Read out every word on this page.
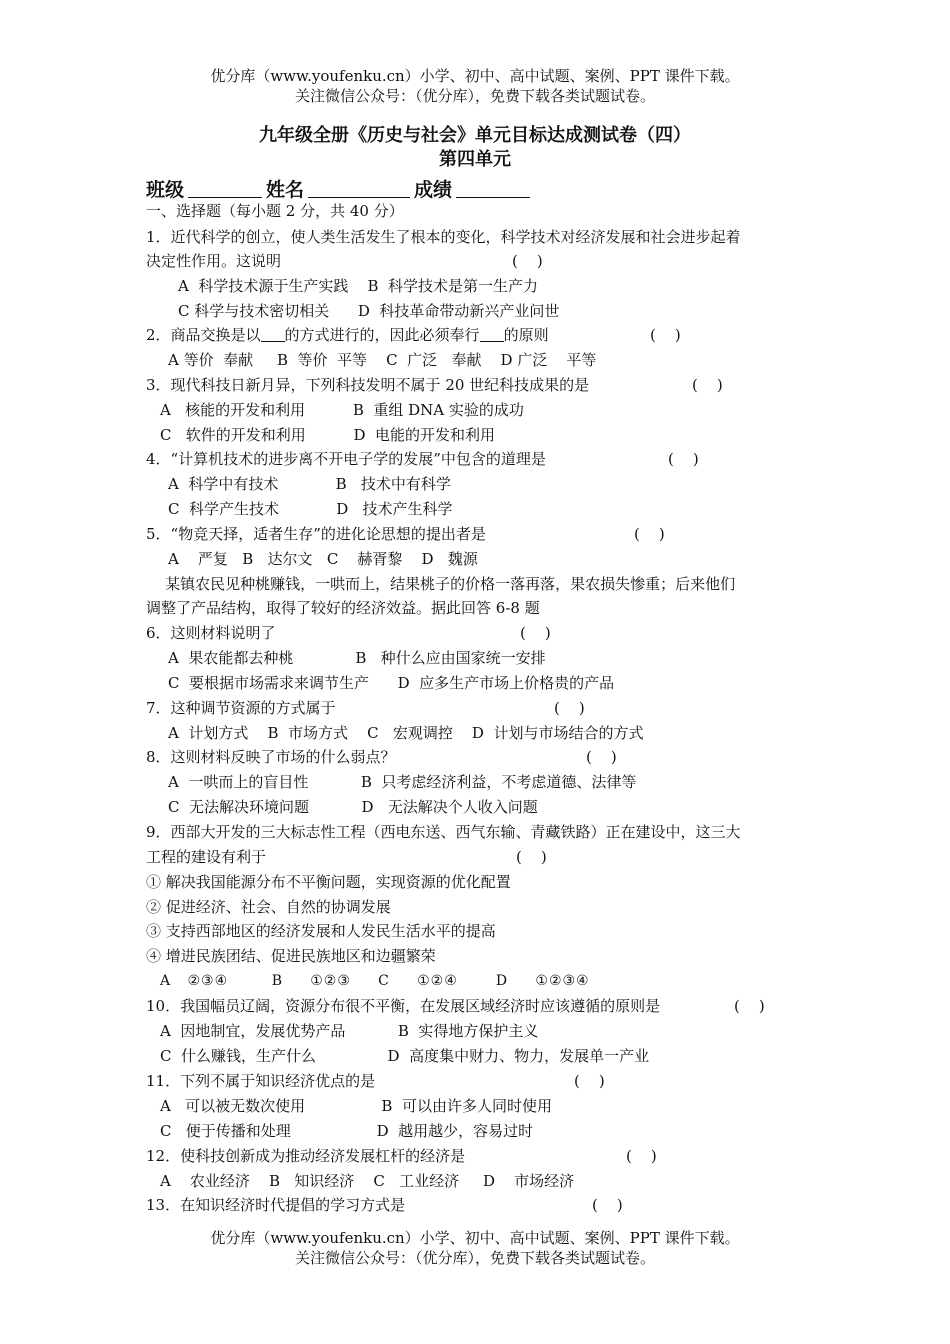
优分库（www.youfenku.cn）小学、初中、高中试题、案例、PPT 课件下载。
关注微信公众号：（优分库），免费下载各类试题试卷。
九年级全册《历史与社会》单元目标达成测试卷（四）
第四单元
班级	姓名	成绩
一、选择题（每小题 2 分，共 40 分）
1．近代科学的创立，使人类生活发生了根本的变化，科学技术对经济发展和社会进步起着
决定性作用。这说明	(    )
A  科学技术源于生产实践    B  科学技术是第一生产力
C 科学与技术密切相关      D  科技革命带动新兴产业问世
2．商品交换是以 的方式进行的，因此必须奉行 的原则	(    )
A 等价  奉献     B  等价  平等    C  广泛   奉献    D 广泛    平等
3．现代科技日新月异，下列科技发明不属于 20 世纪科技成果的是	(    )
A   核能的开发和利用          B  重组 DNA 实验的成功
C   软件的开发和利用          D  电能的开发和利用
4．“计算机技术的进步离不开电子学的发展”中包含的道理是	(    )
A  科学中有技术            B   技术中有科学
C  科学产生技术            D   技术产生科学
5．“物竞天择，适者生存”的进化论思想的提出者是	(    )
A    严复   B   达尔文   C    赫胥黎    D   魏源
某镇农民见种桃赚钱，一哄而上，结果桃子的价格一落再落，果农损失惨重；后来他们
调整了产品结构，取得了较好的经济效益。据此回答 6-8 题
6．这则材料说明了	(    )
A  果农能都去种桃             B   种什么应由国家统一安排
C  要根据市场需求来调节生产      D  应多生产市场上价格贵的产品
7．这种调节资源的方式属于	(    )
A  计划方式    B  市场方式    C   宏观调控    D  计划与市场结合的方式
8．这则材料反映了市场的什么弱点？	(    )
A  一哄而上的盲目性           B  只考虑经济利益，不考虑道德、法律等
C  无法解决环境问题           D   无法解决个人收入问题
9．西部大开发的三大标志性工程（西电东送、西气东输、青藏铁路）正在建设中，这三大
工程的建设有利于	(    )
① 解决我国能源分布不平衡问题，实现资源的优化配置
② 促进经济、社会、自然的协调发展
③ 支持西部地区的经济发展和人发民生活水平的提高
④ 增进民族团结、促进民族地区和边疆繁荣
A   ②③④        B     ①②③     C     ①②④       D     ①②③④
10．我国幅员辽阔，资源分布很不平衡，在发展区域经济时应该遵循的原则是	(    )
A  因地制宜，发展优势产品           B  实得地方保护主义
C  什么赚钱，生产什么               D  高度集中财力、物力，发展单一产业
11．下列不属于知识经济优点的是	(    )
A   可以被无数次使用                B  可以由许多人同时使用
C   便于传播和处理                  D  越用越少，容易过时
12．使科技创新成为推动经济发展杠杆的经济是	(    )
A    农业经济    B   知识经济    C   工业经济     D    市场经济
13．在知识经济时代提倡的学习方式是	(    )
优分库（www.youfenku.cn）小学、初中、高中试题、案例、PPT 课件下载。
关注微信公众号：（优分库），免费下载各类试题试卷。
